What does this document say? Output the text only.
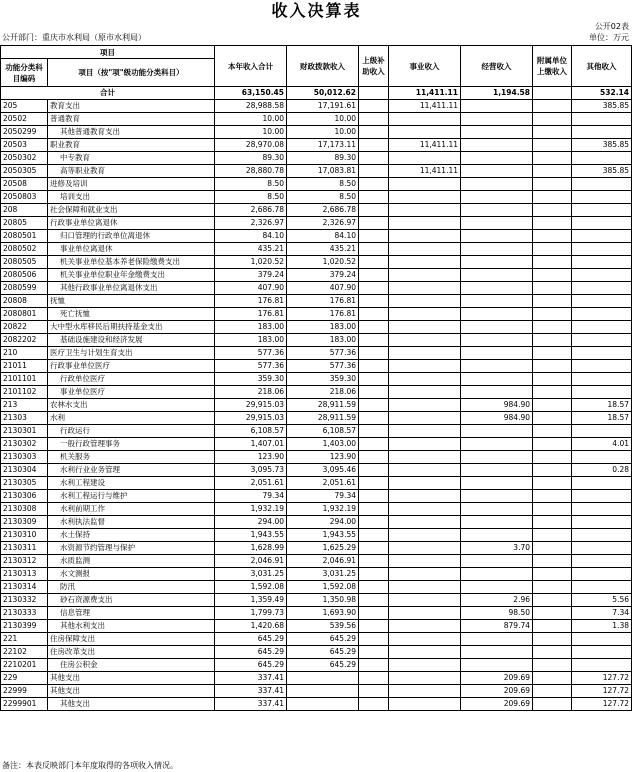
收入决算表
公开02表
公开部门：重庆市水利局（原市水利局）	单位：万元
项目		本年收入合计	财政拨款收入	上级补助收入	事业收入	经营收入	附属单位上缴收入	其他收入
功能分类科目编码	项目（按"项"级功能分类科目）							
合计		63,150.45	50,012.62		11,411.11	1,194.58		532.14
205	教育支出	28,988.58	17,191.61		11,411.11			385.85
20502	普通教育	10.00	10.00					
2050299	其他普通教育支出	10.00	10.00					
20503	职业教育	28,970.08	17,173.11		11,411.11			385.85
2050302	中专教育	89.30	89.30					
2050305	高等职业教育	28,880.78	17,083.81		11,411.11			385.85
20508	进修及培训	8.50	8.50					
2050803	培训支出	8.50	8.50					
208	社会保障和就业支出	2,686.78	2,686.78					
20805	行政事业单位离退休	2,326.97	2,326.97					
2080501	归口管理的行政单位离退休	84.10	84.10					
2080502	事业单位离退休	435.21	435.21					
2080505	机关事业单位基本养老保险缴费支出	1,020.52	1,020.52					
2080506	机关事业单位职业年金缴费支出	379.24	379.24					
2080599	其他行政事业单位离退休支出	407.90	407.90					
20808	抚恤	176.81	176.81					
2080801	死亡抚恤	176.81	176.81					
20822	大中型水库移民后期扶持基金支出	183.00	183.00					
2082202	基础设施建设和经济发展	183.00	183.00					
210	医疗卫生与计划生育支出	577.36	577.36					
21011	行政事业单位医疗	577.36	577.36					
2101101	行政单位医疗	359.30	359.30					
2101102	事业单位医疗	218.06	218.06					
213	农林水支出	29,915.03	28,911.59			984.90		18.57
21303	水利	29,915.03	28,911.59			984.90		18.57
2130301	行政运行	6,108.57	6,108.57					
2130302	一般行政管理事务	1,407.01	1,403.00					4.01
2130303	机关服务	123.90	123.90					
2130304	水利行业业务管理	3,095.73	3,095.46					0.28
2130305	水利工程建设	2,051.61	2,051.61					
2130306	水利工程运行与维护	79.34	79.34					
2130308	水利前期工作	1,932.19	1,932.19					
2130309	水利执法监督	294.00	294.00					
2130310	水土保持	1,943.55	1,943.55					
2130311	水资源节约管理与保护	1,628.99	1,625.29			3.70		
2130312	水质监测	2,046.91	2,046.91					
2130313	水文测报	3,031.25	3,031.25					
2130314	防汛	1,592.08	1,592.08					
2130332	砂石资源费支出	1,359.49	1,350.98			2.96		5.56
2130333	信息管理	1,799.73	1,693.90			98.50		7.34
2130399	其他水利支出	1,420.68	539.56			879.74		1.38
221	住房保障支出	645.29	645.29					
22102	住房改革支出	645.29	645.29					
2210201	住房公积金	645.29	645.29					
229	其他支出	337.41				209.69		127.72
22999	其他支出	337.41				209.69		127.72
2299901	其他支出	337.41				209.69		127.72
备注：本表反映部门本年度取得的各项收入情况。
